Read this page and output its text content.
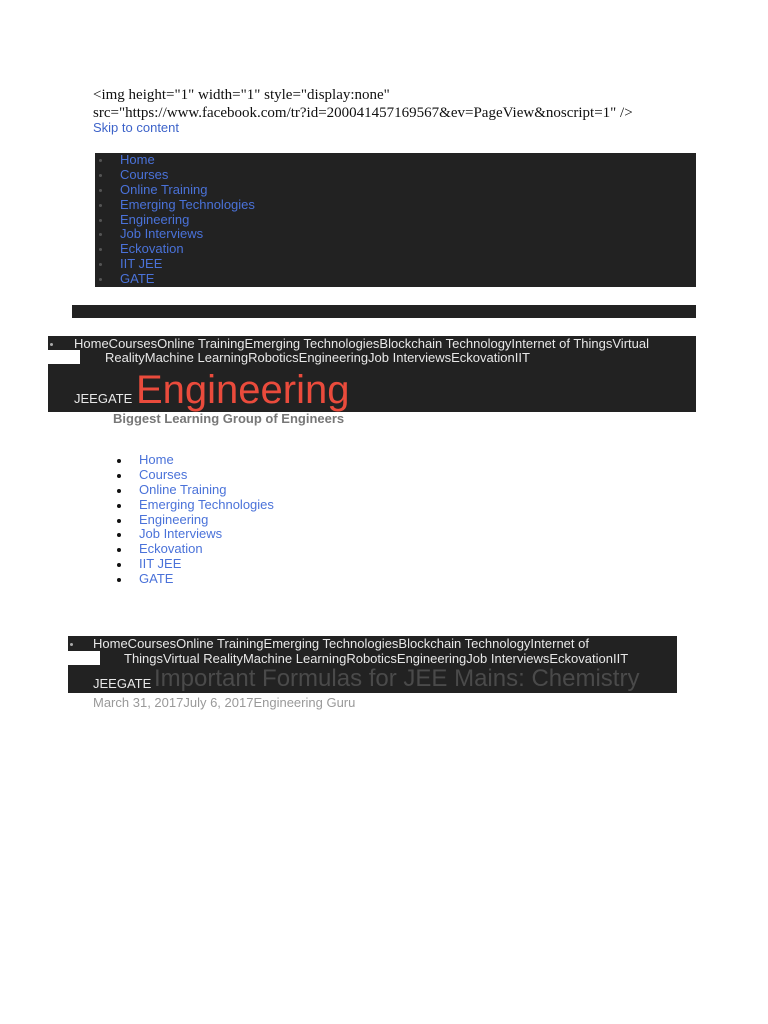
<img height="1" width="1" style="display:none"
src="https://www.facebook.com/tr?id=200041457169567&ev=PageView&noscript=1" />
Skip to content
Home
Courses
Online Training
Emerging Technologies
Engineering
Job Interviews
Eckovation
IIT JEE
GATE
HomeCoursesOnline TrainingEmerging TechnologiesBlockchain TechnologyInternet of ThingsVirtual
RealityMachine LearningRoboticsEngineeringJob InterviewsEckovationIIT
JEEGATE Engineering
Biggest Learning Group of Engineers
Home
Courses
Online Training
Emerging Technologies
Engineering
Job Interviews
Eckovation
IIT JEE
GATE
HomeCoursesOnline TrainingEmerging TechnologiesBlockchain TechnologyInternet of
ThingsVirtual RealityMachine LearningRoboticsEngineeringJob InterviewsEckovationIIT
Important Formulas for JEE Mains: Chemistry
JEEGATE
March 31, 2017July 6, 2017Engineering Guru
